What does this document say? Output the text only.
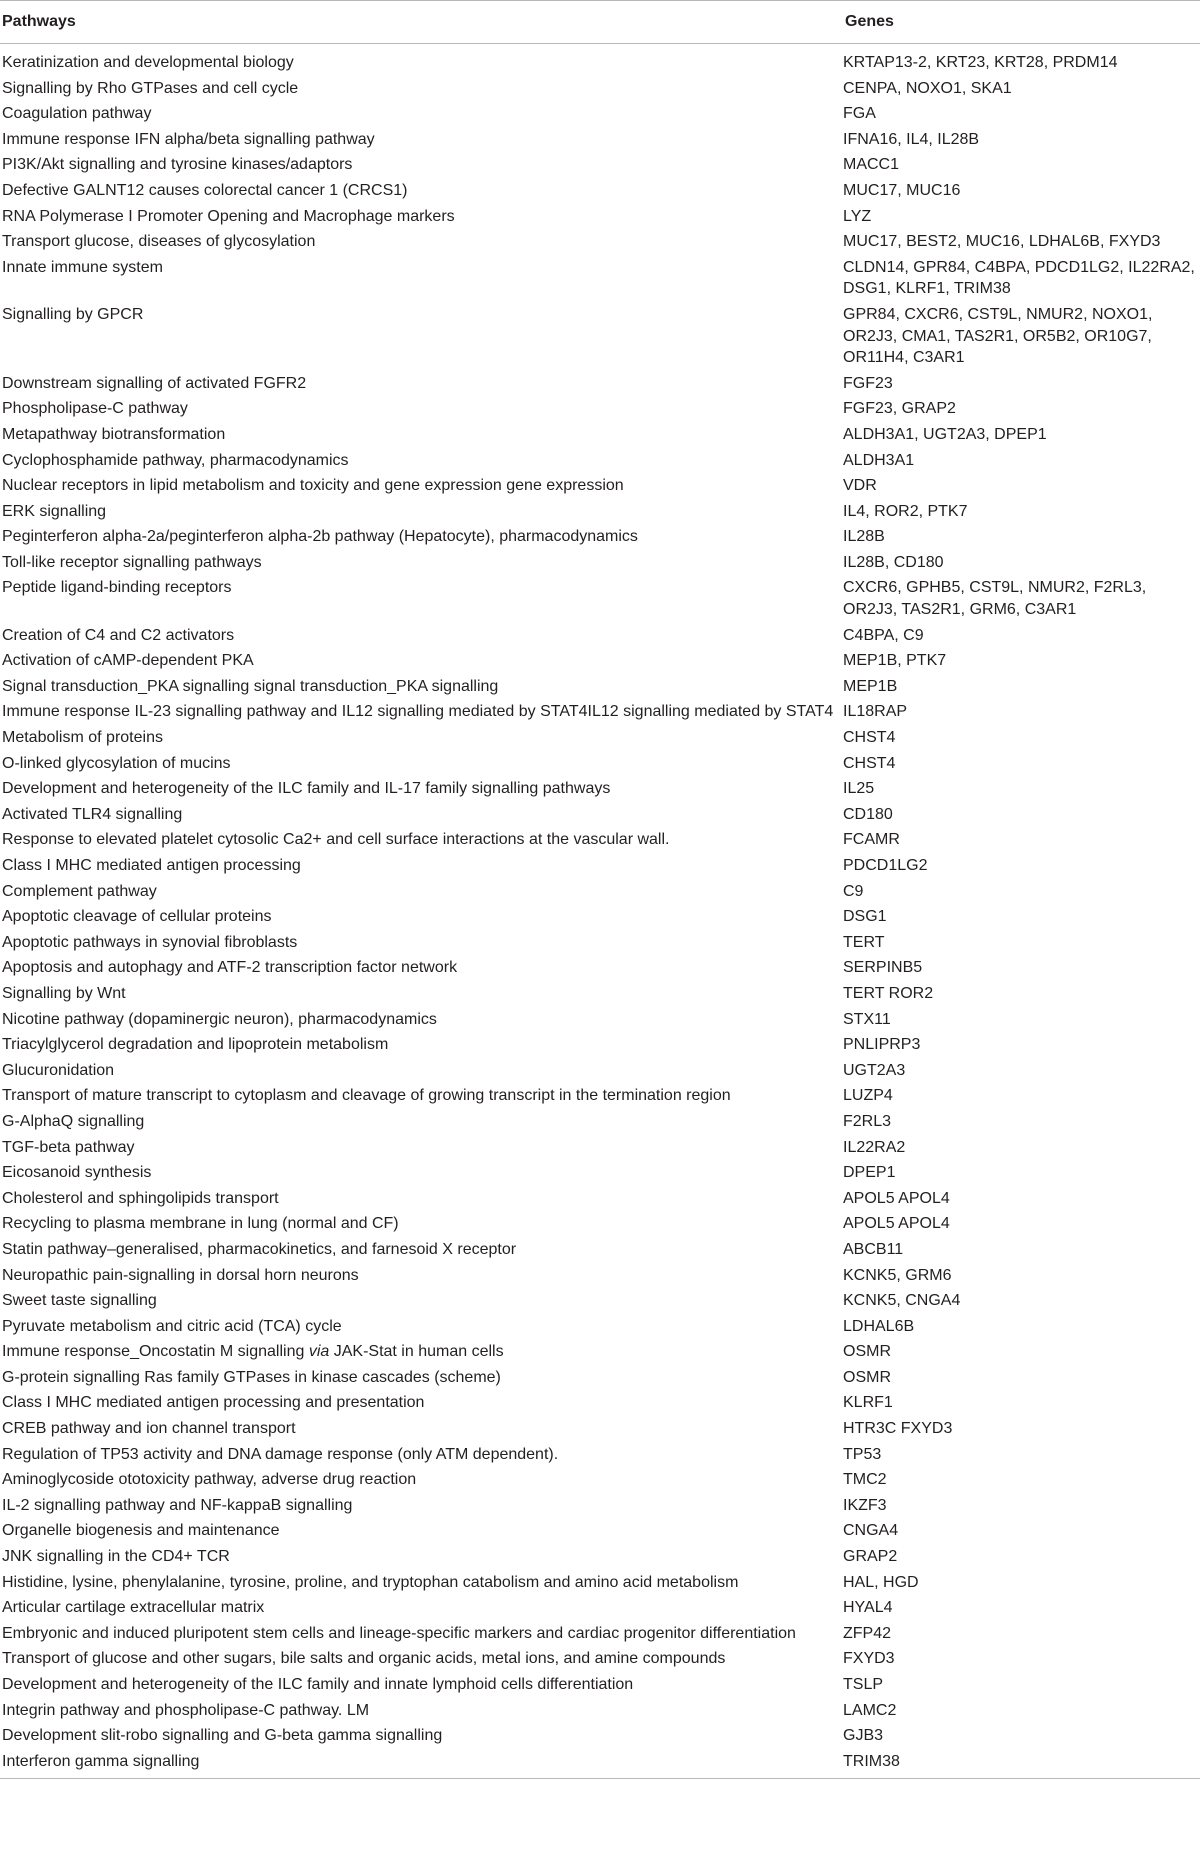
Pathways	Genes
Keratinization and developmental biology	KRTAP13-2, KRT23, KRT28, PRDM14
Signalling by Rho GTPases and cell cycle	CENPA, NOXO1, SKA1
Coagulation pathway	FGA
Immune response IFN alpha/beta signalling pathway	IFNA16, IL4, IL28B
PI3K/Akt signalling and tyrosine kinases/adaptors	MACC1
Defective GALNT12 causes colorectal cancer 1 (CRCS1)	MUC17, MUC16
RNA Polymerase I Promoter Opening and Macrophage markers	LYZ
Transport glucose, diseases of glycosylation	MUC17, BEST2, MUC16, LDHAL6B, FXYD3
Innate immune system	CLDN14, GPR84, C4BPA, PDCD1LG2, IL22RA2, DSG1, KLRF1, TRIM38
Signalling by GPCR	GPR84, CXCR6, CST9L, NMUR2, NOXO1, OR2J3, CMA1, TAS2R1, OR5B2, OR10G7, OR11H4, C3AR1
Downstream signalling of activated FGFR2	FGF23
Phospholipase-C pathway	FGF23, GRAP2
Metapathway biotransformation	ALDH3A1, UGT2A3, DPEP1
Cyclophosphamide pathway, pharmacodynamics	ALDH3A1
Nuclear receptors in lipid metabolism and toxicity and gene expression gene expression	VDR
ERK signalling	IL4, ROR2, PTK7
Peginterferon alpha-2a/peginterferon alpha-2b pathway (Hepatocyte), pharmacodynamics	IL28B
Toll-like receptor signalling pathways	IL28B, CD180
Peptide ligand-binding receptors	CXCR6, GPHB5, CST9L, NMUR2, F2RL3, OR2J3, TAS2R1, GRM6, C3AR1
Creation of C4 and C2 activators	C4BPA, C9
Activation of cAMP-dependent PKA	MEP1B, PTK7
Signal transduction_PKA signalling signal transduction_PKA signalling	MEP1B
Immune response IL-23 signalling pathway and IL12 signalling mediated by STAT4IL12 signalling mediated by STAT4	IL18RAP
Metabolism of proteins	CHST4
O-linked glycosylation of mucins	CHST4
Development and heterogeneity of the ILC family and IL-17 family signalling pathways	IL25
Activated TLR4 signalling	CD180
Response to elevated platelet cytosolic Ca2+ and cell surface interactions at the vascular wall.	FCAMR
Class I MHC mediated antigen processing	PDCD1LG2
Complement pathway	C9
Apoptotic cleavage of cellular proteins	DSG1
Apoptotic pathways in synovial fibroblasts	TERT
Apoptosis and autophagy and ATF-2 transcription factor network	SERPINB5
Signalling by Wnt	TERT ROR2
Nicotine pathway (dopaminergic neuron), pharmacodynamics	STX11
Triacylglycerol degradation and lipoprotein metabolism	PNLIPRP3
Glucuronidation	UGT2A3
Transport of mature transcript to cytoplasm and cleavage of growing transcript in the termination region	LUZP4
G-AlphaQ signalling	F2RL3
TGF-beta pathway	IL22RA2
Eicosanoid synthesis	DPEP1
Cholesterol and sphingolipids transport	APOL5 APOL4
Recycling to plasma membrane in lung (normal and CF)	APOL5 APOL4
Statin pathway–generalised, pharmacokinetics, and farnesoid X receptor	ABCB11
Neuropathic pain-signalling in dorsal horn neurons	KCNK5, GRM6
Sweet taste signalling	KCNK5, CNGA4
Pyruvate metabolism and citric acid (TCA) cycle	LDHAL6B
Immune response_Oncostatin M signalling via JAK-Stat in human cells	OSMR
G-protein signalling Ras family GTPases in kinase cascades (scheme)	OSMR
Class I MHC mediated antigen processing and presentation	KLRF1
CREB pathway and ion channel transport	HTR3C FXYD3
Regulation of TP53 activity and DNA damage response (only ATM dependent).	TP53
Aminoglycoside ototoxicity pathway, adverse drug reaction	TMC2
IL-2 signalling pathway and NF-kappaB signalling	IKZF3
Organelle biogenesis and maintenance	CNGA4
JNK signalling in the CD4+ TCR	GRAP2
Histidine, lysine, phenylalanine, tyrosine, proline, and tryptophan catabolism and amino acid metabolism	HAL, HGD
Articular cartilage extracellular matrix	HYAL4
Embryonic and induced pluripotent stem cells and lineage-specific markers and cardiac progenitor differentiation	ZFP42
Transport of glucose and other sugars, bile salts and organic acids, metal ions, and amine compounds	FXYD3
Development and heterogeneity of the ILC family and innate lymphoid cells differentiation	TSLP
Integrin pathway and phospholipase-C pathway. LM	LAMC2
Development slit-robo signalling and G-beta gamma signalling	GJB3
Interferon gamma signalling	TRIM38
